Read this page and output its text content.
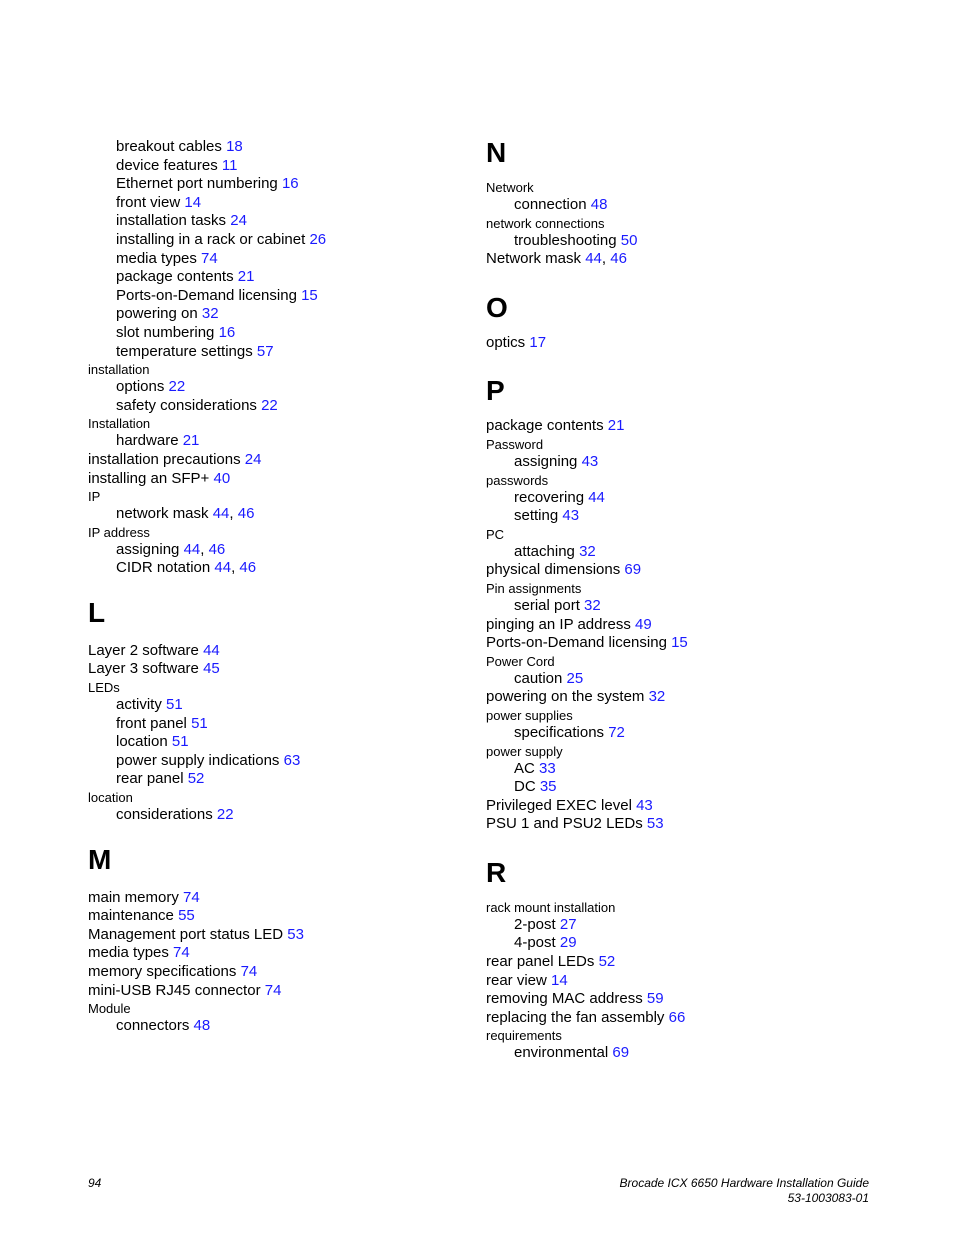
breakout cables 18
device features 11
Ethernet port numbering 16
front view 14
installation tasks 24
installing in a rack or cabinet 26
media types 74
package contents 21
Ports-on-Demand licensing 15
powering on 32
slot numbering 16
temperature settings 57
installation
options 22
safety considerations 22
Installation
hardware 21
installation precautions 24
installing an SFP+ 40
IP
network mask 44, 46
IP address
assigning 44, 46
CIDR notation 44, 46
L
Layer 2 software 44
Layer 3 software 45
LEDs
activity 51
front panel 51
location 51
power supply indications 63
rear panel 52
location
considerations 22
M
main memory 74
maintenance 55
Management port status LED 53
media types 74
memory specifications 74
mini-USB RJ45 connector 74
Module
connectors 48
N
Network
connection 48
network connections
troubleshooting 50
Network mask 44, 46
O
optics 17
P
package contents 21
Password
assigning 43
passwords
recovering 44
setting 43
PC
attaching 32
physical dimensions 69
Pin assignments
serial port 32
pinging an IP address 49
Ports-on-Demand licensing 15
Power Cord
caution 25
powering on the system 32
power supplies
specifications 72
power supply
AC 33
DC 35
Privileged EXEC level 43
PSU 1 and PSU2 LEDs 53
R
rack mount installation
2-post 27
4-post 29
rear panel LEDs 52
rear view 14
removing MAC address 59
replacing the fan assembly 66
requirements
environmental 69
94	Brocade ICX 6650 Hardware Installation Guide
53-1003083-01
